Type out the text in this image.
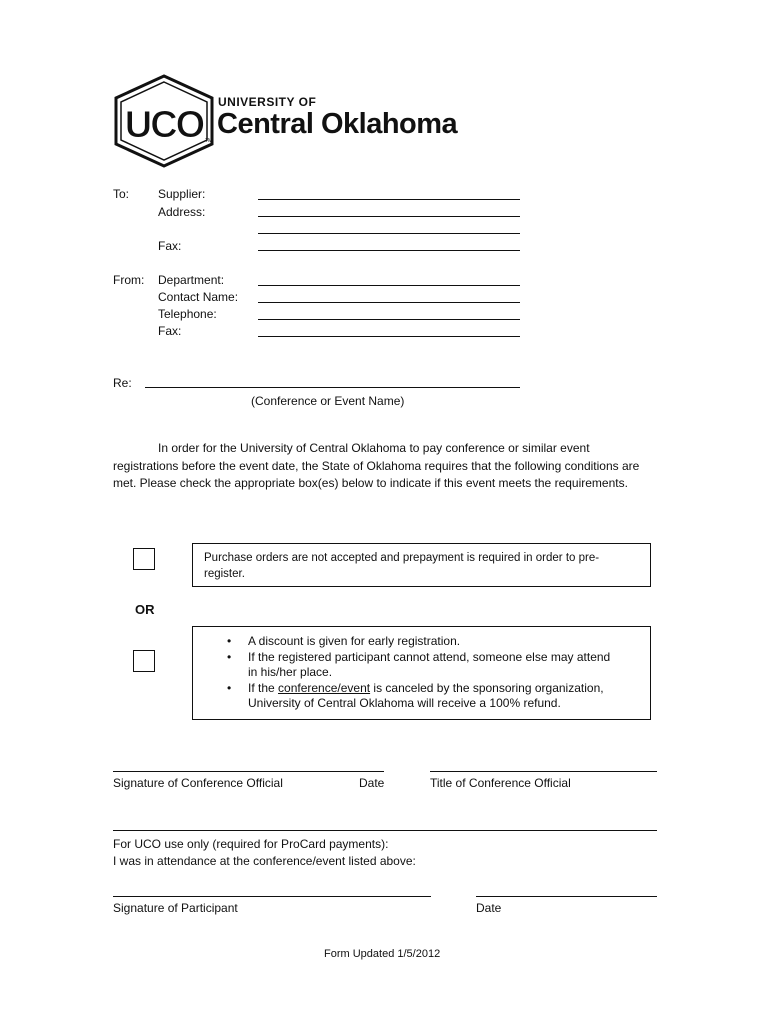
UCO
UNIVERSITY OF
Central Oklahoma
TM
To: Supplier:
Address:
Fax:
From: Department:
Contact Name:
Telephone:
Fax:
Re:
(Conference or Event Name)
In order for the University of Central Oklahoma to pay conference or similar event registrations before the event date, the State of Oklahoma requires that the following conditions are met. Please check the appropriate box(es) below to indicate if this event meets the requirements.
Purchase orders are not accepted and prepayment is required in order to pre-
register.
OR
• A discount is given for early registration.
• If the registered participant cannot attend, someone else may attend
in his/her place.
• If the conference/event is canceled by the sponsoring organization,
University of Central Oklahoma will receive a 100% refund.
Signature of Conference Official	Date	Title of Conference Official
For UCO use only (required for ProCard payments):
I was in attendance at the conference/event listed above:
Signature of Participant	Date
Form Updated 1/5/2012
